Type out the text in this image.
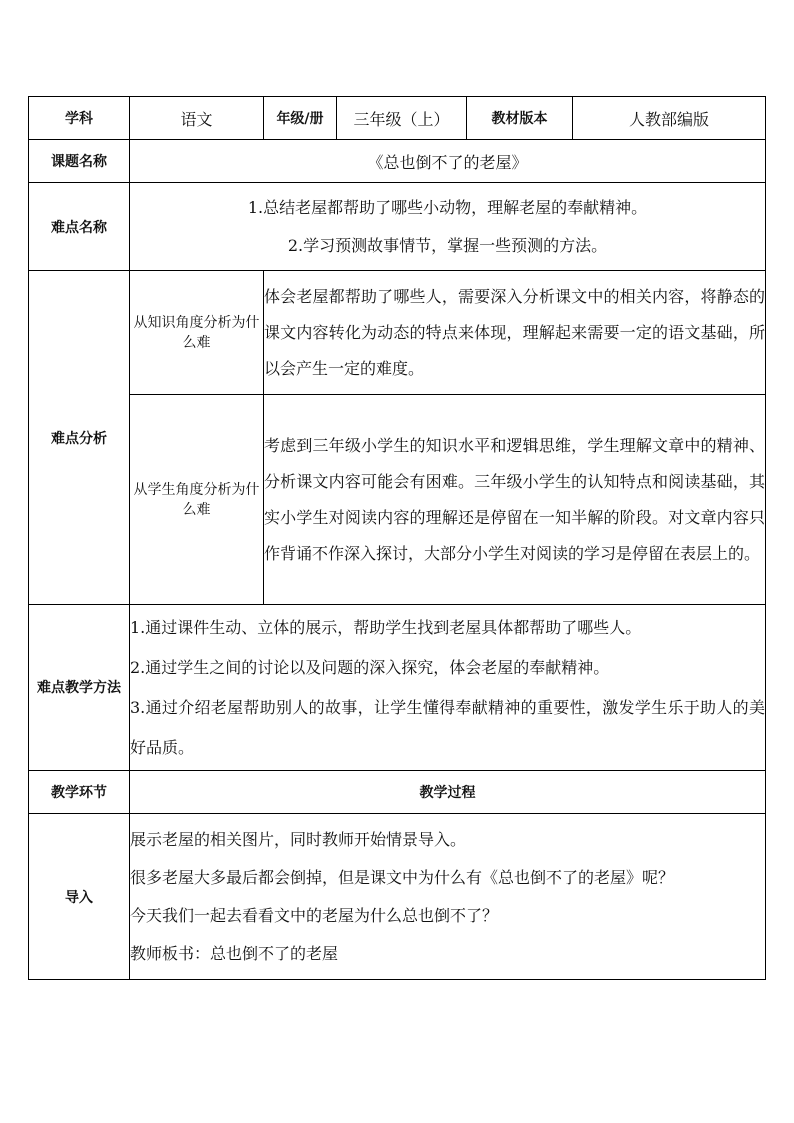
学科	语文	年级/册	三年级（上）	教材版本	人教部编版
课题名称	《总也倒不了的老屋》				
难点名称	1.总结老屋都帮助了哪些小动物，理解老屋的奉献精神。
2.学习预测故事情节，掌握一些预测的方法。				

难点分析	从知识角度分析为什么难	体会老屋都帮助了哪些人，需要深入分析课文中的相关内容，将静态的课文内容转化为动态的特点来体现，理解起来需要一定的语文基础，所以会产生一定的难度。			
	从学生角度分析为什么难	考虑到三年级小学生的知识水平和逻辑思维，学生理解文章中的精神、分析课文内容可能会有困难。三年级小学生的认知特点和阅读基础，其实小学生对阅读内容的理解还是停留在一知半解的阶段。对文章内容只作背诵不作深入探讨，大部分小学生对阅读的学习是停留在表层上的。			
难点教学方法	1.通过课件生动、立体的展示，帮助学生找到老屋具体都帮助了哪些人。
2.通过学生之间的讨论以及问题的深入探究，体会老屋的奉献精神。
3.通过介绍老屋帮助别人的故事，让学生懂得奉献精神的重要性，激发学生乐于助人的美好品质。				

教学环节	教学过程				
导入	展示老屋的相关图片，同时教师开始情景导入。
很多老屋大多最后都会倒掉，但是课文中为什么有《总也倒不了的老屋》呢？
今天我们一起去看看文中的老屋为什么总也倒不了？
教师板书：总也倒不了的老屋				
